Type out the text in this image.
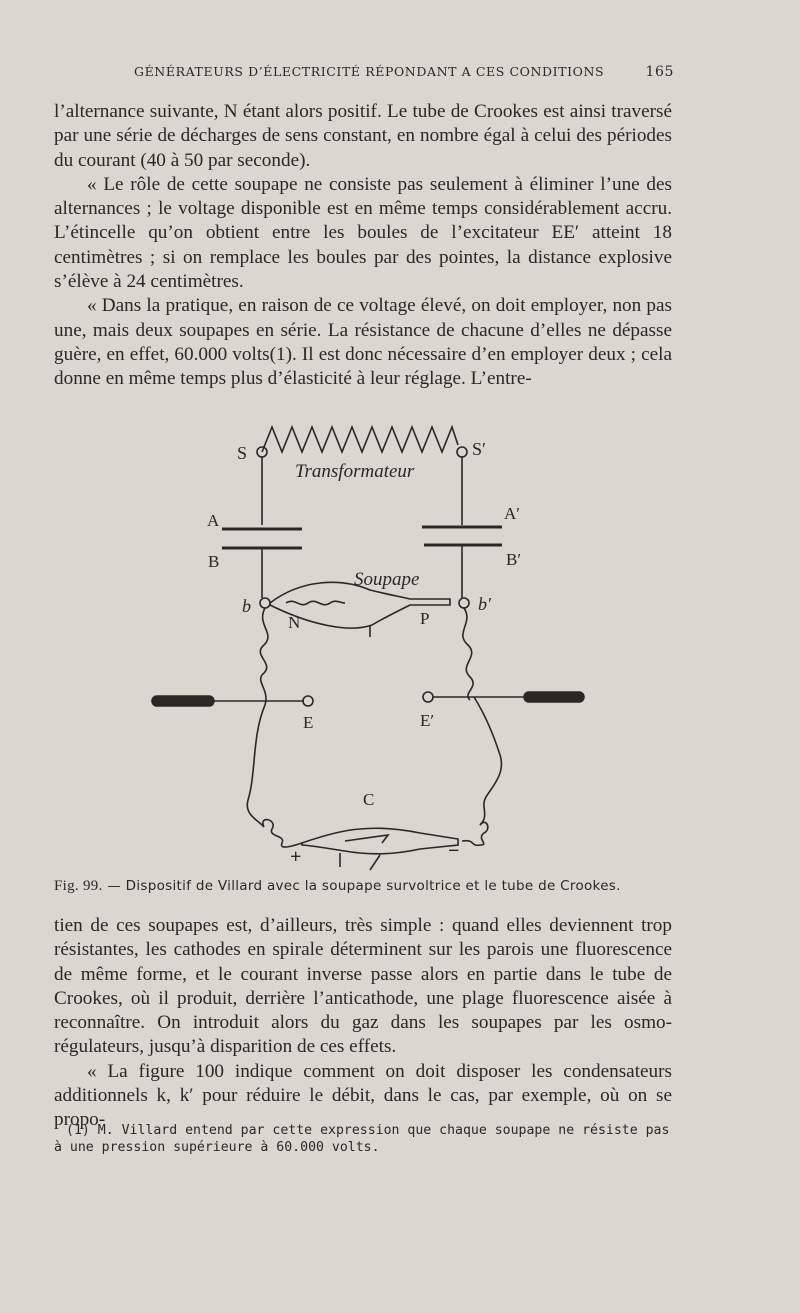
GÉNÉRATEURS D’ÉLECTRICITÉ RÉPONDANT A CES CONDITIONS	165

l’alternance suivante, N étant alors positif. Le tube de Crookes est ainsi traversé par une série de décharges de sens constant, en nombre égal à celui des périodes du courant (40 à 50 par seconde).

« Le rôle de cette soupape ne consiste pas seulement à éliminer l’une des alternances ; le voltage disponible est en même temps considérablement accru. L’étincelle qu’on obtient entre les boules de l’excitateur EE′ atteint 18 centimètres ; si on remplace les boules par des pointes, la distance explosive s’élève à 24 centimètres.

« Dans la pratique, en raison de ce voltage élevé, on doit employer, non pas une, mais deux soupapes en série. La résistance de chacune d’elles ne dépasse guère, en effet, 60.000 volts(1). Il est donc nécessaire d’en employer deux ; cela donne en même temps plus d’élasticité à leur réglage. L’entre-

S	S′
Transformateur
A	A′
B	B′
Soupape
b	b′
N	P
E	E′
C
+	−
Fig. 99. — Dispositif de Villard avec la soupape survoltrice et le tube de Crookes.

tien de ces soupapes est, d’ailleurs, très simple : quand elles deviennent trop résistantes, les cathodes en spirale déterminent sur les parois une fluorescence de même forme, et le courant inverse passe alors en partie dans le tube de Crookes, où il produit, derrière l’anticathode, une plage fluorescence aisée à reconnaître. On introduit alors du gaz dans les soupapes par les osmo-régulateurs, jusqu’à disparition de ces effets.

« La figure 100 indique comment on doit disposer les condensateurs additionnels k, k′ pour réduire le débit, dans le cas, par exemple, où on se propo-

(1) M. Villard entend par cette expression que chaque soupape ne résiste pas à une pression supérieure à 60.000 volts.
